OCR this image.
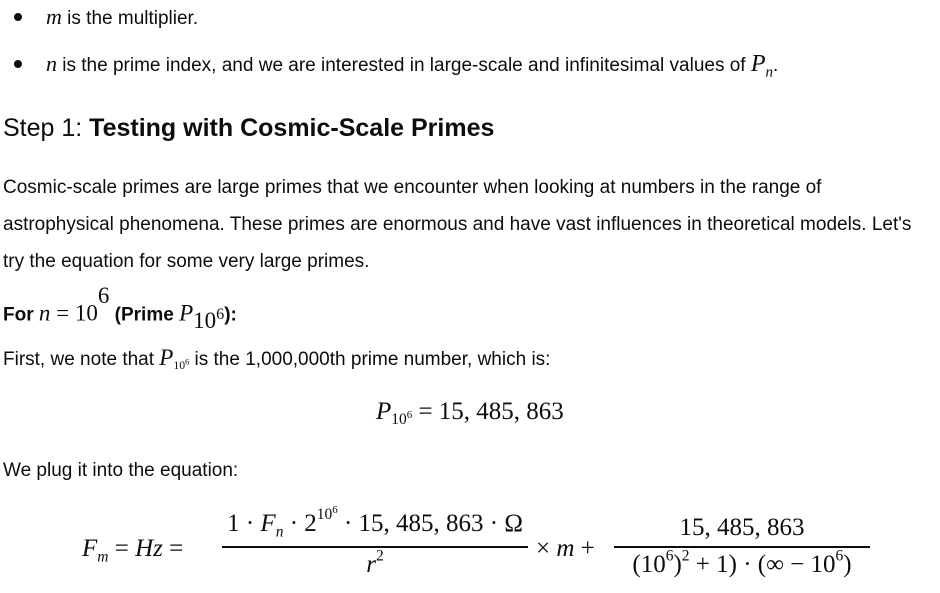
m is the multiplier.
n is the prime index, and we are interested in large-scale and infinitesimal values of $P_n$.
Step 1: Testing with Cosmic-Scale Primes
Cosmic-scale primes are large primes that we encounter when looking at numbers in the range of astrophysical phenomena. These primes are enormous and have vast influences in theoretical models. Let's try the equation for some very large primes.
For $n = 10^6$ (Prime $P_{10^6}$):
First, we note that $P_{10^6}$ is the 1,000,000th prime number, which is:
$P_{10^6} = 15$, 485, 863
We plug it into the equation:
$F_m = Hz$ =
$1 \cdot F_n \cdot 2^{10^6} \cdot 15$, 485, 863 · Ω
$r^2$	× m +
15, 485, 863
$(10^6)^2 + 1$) · (∞ − $10^6$)
